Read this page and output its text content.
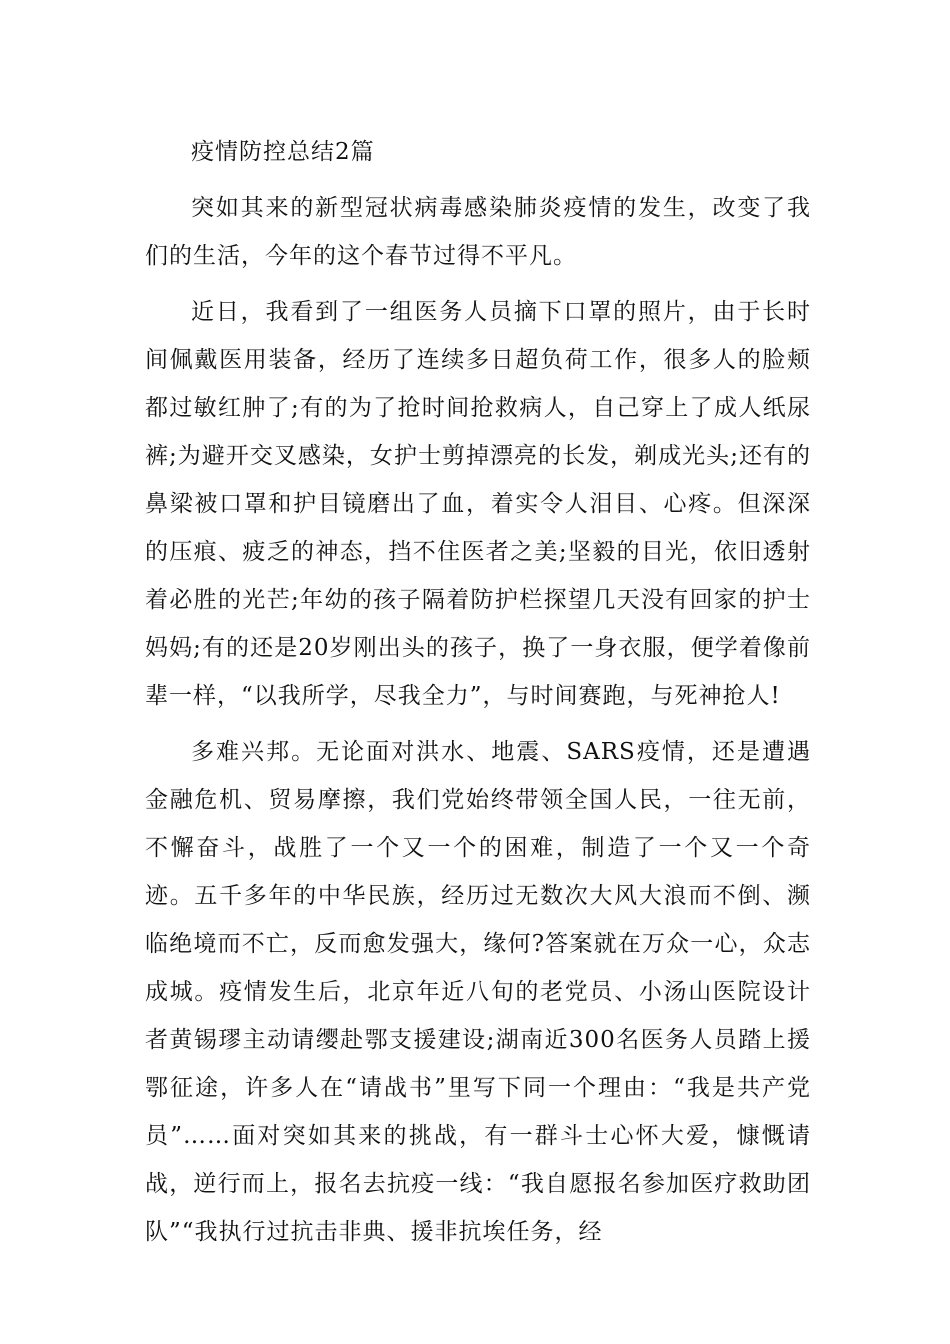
疫情防控总结2篇

突如其来的新型冠状病毒感染肺炎疫情的发生，改变了我们的生活，今年的这个春节过得不平凡。

近日，我看到了一组医务人员摘下口罩的照片，由于长时间佩戴医用装备，经历了连续多日超负荷工作，很多人的脸颊都过敏红肿了;有的为了抢时间抢救病人，自己穿上了成人纸尿裤;为避开交叉感染，女护士剪掉漂亮的长发，剃成光头;还有的鼻梁被口罩和护目镜磨出了血，着实令人泪目、心疼。但深深的压痕、疲乏的神态，挡不住医者之美;坚毅的目光，依旧透射着必胜的光芒;年幼的孩子隔着防护栏探望几天没有回家的护士妈妈;有的还是20岁刚出头的孩子，换了一身衣服，便学着像前辈一样，“以我所学，尽我全力”，与时间赛跑，与死神抢人!

多难兴邦。无论面对洪水、地震、SARS疫情，还是遭遇金融危机、贸易摩擦，我们党始终带领全国人民，一往无前，不懈奋斗，战胜了一个又一个的困难，制造了一个又一个奇迹。五千多年的中华民族，经历过无数次大风大浪而不倒、濒临绝境而不亡，反而愈发强大，缘何?答案就在万众一心，众志成城。疫情发生后，北京年近八旬的老党员、小汤山医院设计者黄锡璆主动请缨赴鄂支援建设;湖南近300名医务人员踏上援鄂征途，许多人在“请战书”里写下同一个理由：“我是共产党员”……面对突如其来的挑战，有一群斗士心怀大爱，慷慨请战，逆行而上，报名去抗疫一线：“我自愿报名参加医疗救助团队”“我执行过抗击非典、援非抗埃任务，经
